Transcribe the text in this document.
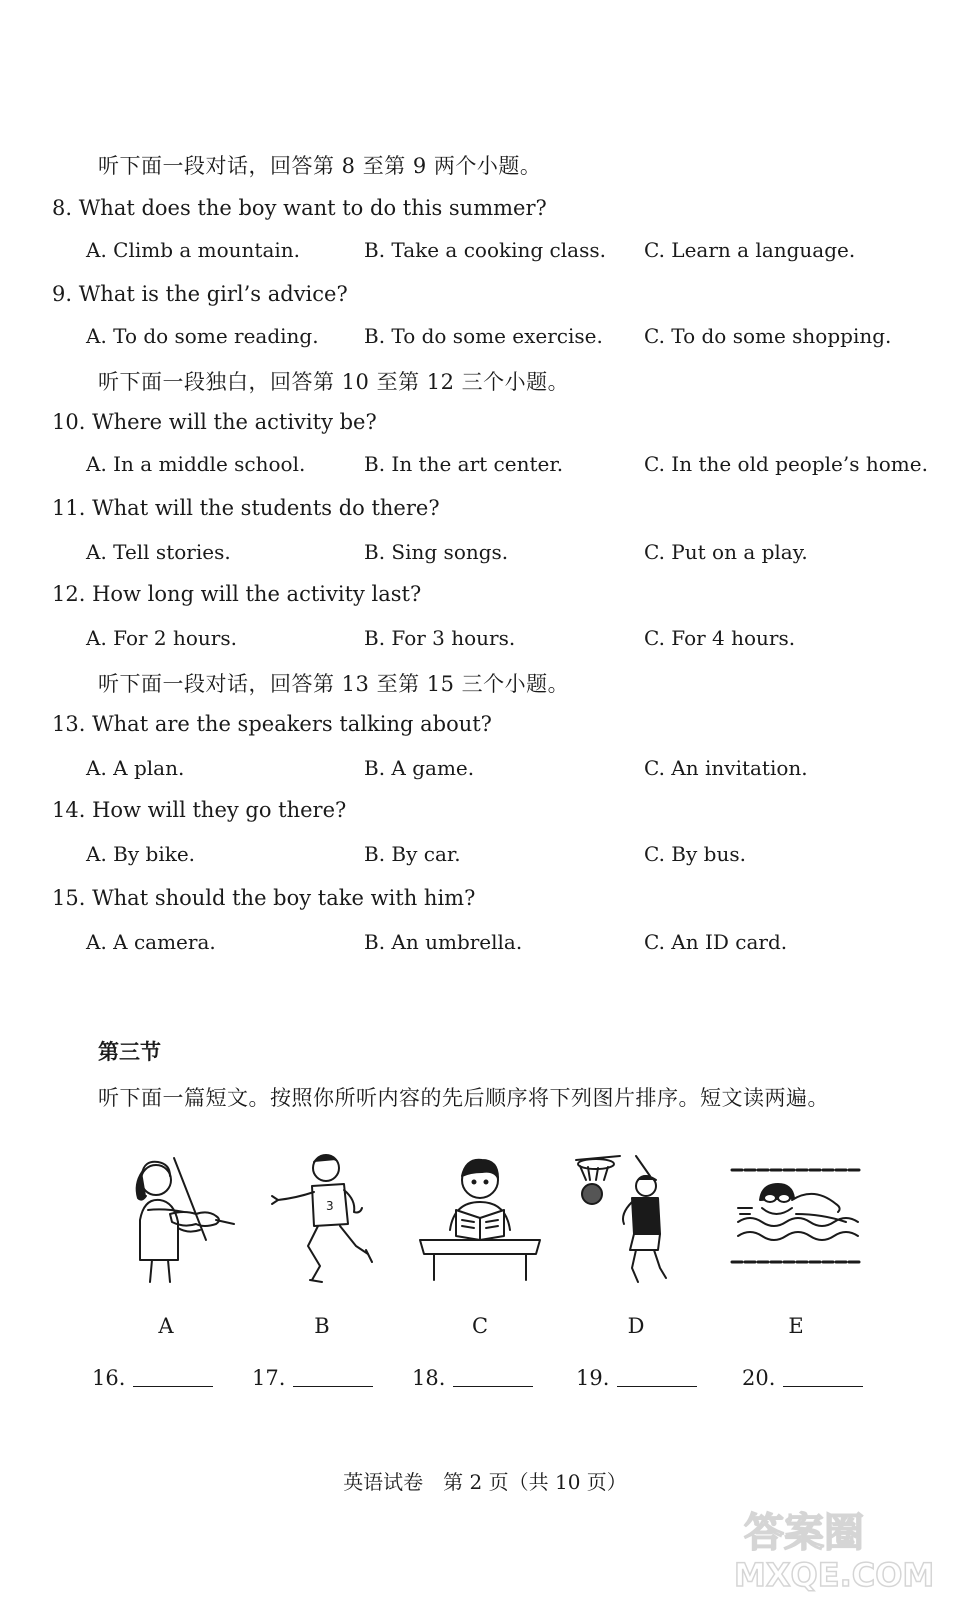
听下面一段对话，回答第 8 至第 9 两个小题。
8. What does the boy want to do this summer?
A. Climb a mountain.	B. Take a cooking class. C. Learn a language.
9. What is the girl’s advice?
A. To do some reading. B. To do some exercise. C. To do some shopping.
听下面一段独白，回答第 10 至第 12 三个小题。
10. Where will the activity be?
A. In a middle school.	B. In the art center.	C. In the old people’s home.
11. What will the students do there?
A. Tell stories.	B. Sing songs.	C. Put on a play.
12. How long will the activity last?
A. For 2 hours.	B. For 3 hours.	C. For 4 hours.
听下面一段对话，回答第 13 至第 15 三个小题。
13. What are the speakers talking about?
A. A plan.	B. A game.	C. An invitation.
14. How will they go there?
A. By bike.	B. By car.	C. By bus.
15. What should the boy take with him?
A. A camera.	B. An umbrella.	C. An ID card.
第三节
听下面一篇短文。按照你所听内容的先后顺序将下列图片排序。短文读两遍。
3
A	B	C	D	E
16.	17.	18.	19.	20.
英语试卷　第 2 页（共 10 页）
答案圈
MXQE.COM
